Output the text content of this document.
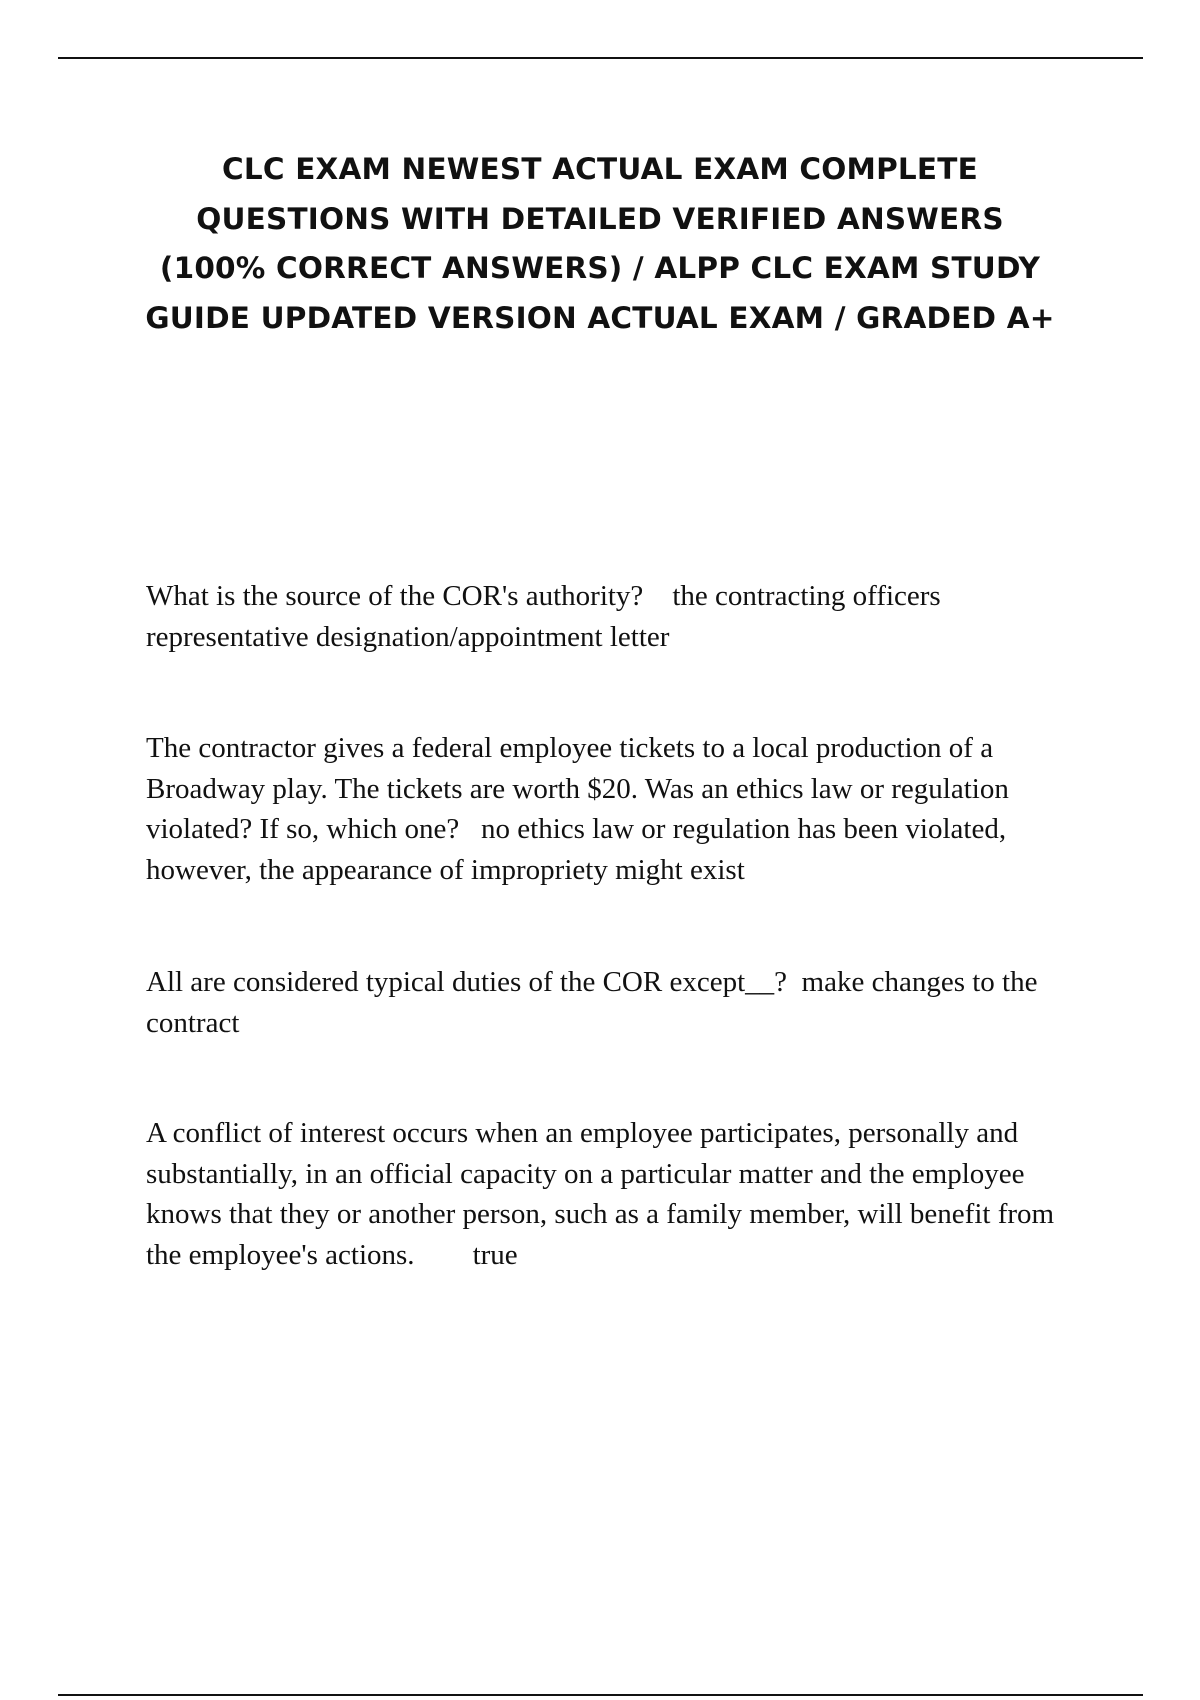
CLC EXAM NEWEST ACTUAL EXAM COMPLETE QUESTIONS WITH DETAILED VERIFIED ANSWERS (100% CORRECT ANSWERS) / ALPP CLC EXAM STUDY GUIDE UPDATED VERSION ACTUAL EXAM / GRADED A+

What is the source of the COR's authority? the contracting officers representative designation/appointment letter

The contractor gives a federal employee tickets to a local production of a Broadway play. The tickets are worth $20. Was an ethics law or regulation violated? If so, which one? no ethics law or regulation has been violated, however, the appearance of impropriety might exist

All are considered typical duties of the COR except__? make changes to the contract

A conflict of interest occurs when an employee participates, personally and substantially, in an official capacity on a particular matter and the employee knows that they or another person, such as a family member, will benefit from the employee's actions. true
